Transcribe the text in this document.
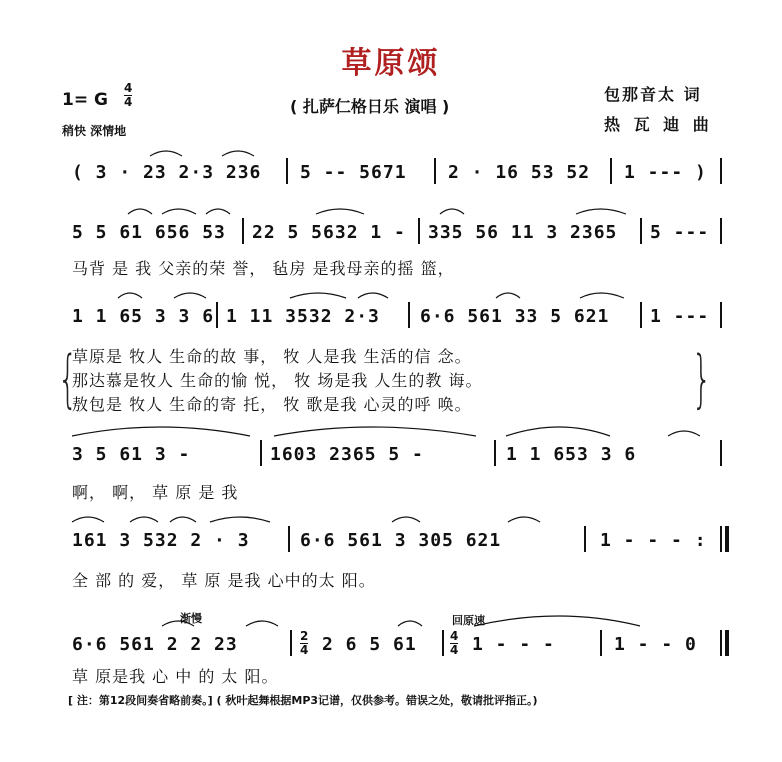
草原颂
1= G
4
4
稍快 深情地
( 扎萨仁格日乐 演唱 )
包那音太 词
热 瓦 迪 曲
( 3 · 23 2·3 236 5 -- 5671 2 · 16 53 52 1 --- )
5 5 61 656 53 22 5 5632 1 - 335 56 11 3 2365 5 ---
马背 是 我 父亲的荣 誉， 毡房 是我母亲的摇 篮，
1 1 65 3 3 6 1 11 3532 2·3 6·6 561 33 5 621 1 ---
{
草原是 牧人 生命的故 事， 牧 人是我 生活的信 念。
那达慕是牧人 生命的愉 悦， 牧 场是我 人生的教 诲。
敖包是 牧人 生命的寄 托， 牧 歌是我 心灵的呼 唤。	}
3 5 61 3 -	1603 2365 5 -	1 1 653 3 6
啊， 啊， 草 原 是 我
161 3 532 2 · 3	6·6 561 3 305 621	1 - - - :
全 部 的 爱， 草 原 是我 心中的太 阳。
渐慢	回原速
6·6 561 2 2 23	2
4 2 6 5 61	4
4 1 - - -	1 - - 0
草 原是我 心 中 的 太 阳。
[ 注：第12段间奏省略前奏。] ( 秋叶起舞根据MP3记谱，仅供参考。错误之处，敬请批评指正。)
